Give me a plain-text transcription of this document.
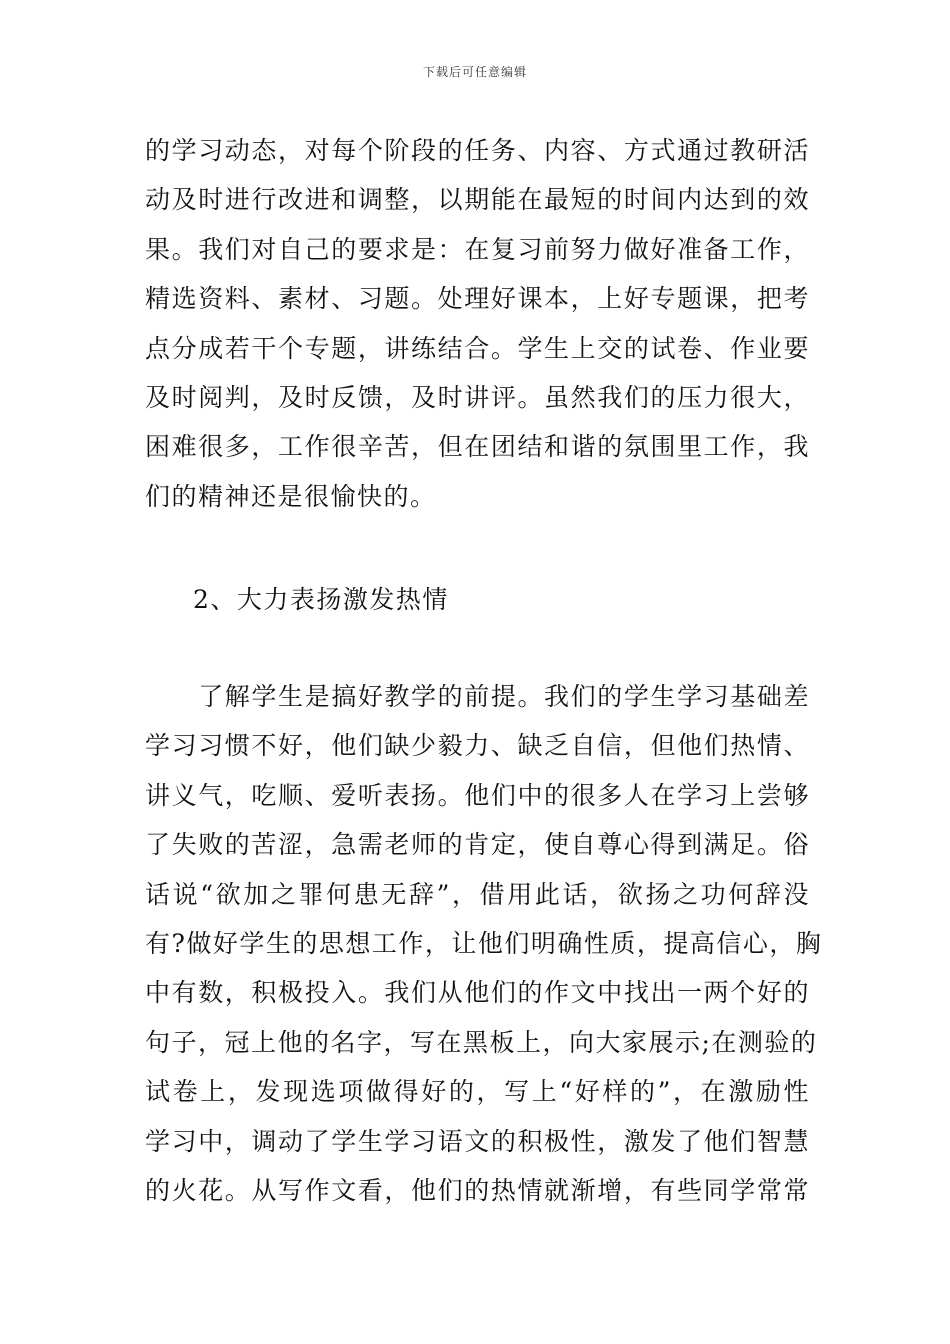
下载后可任意编辑
的学习动态，对每个阶段的任务、内容、方式通过教研活
动及时进行改进和调整，以期能在最短的时间内达到的效
果。我们对自己的要求是：在复习前努力做好准备工作，
精选资料、素材、习题。处理好课本，上好专题课，把考
点分成若干个专题，讲练结合。学生上交的试卷、作业要
及时阅判，及时反馈，及时讲评。虽然我们的压力很大，
困难很多，工作很辛苦，但在团结和谐的氛围里工作，我
们的精神还是很愉快的。
2、大力表扬激发热情
　　了解学生是搞好教学的前提。我们的学生学习基础差
学习习惯不好，他们缺少毅力、缺乏自信，但他们热情、
讲义气，吃顺、爱听表扬。他们中的很多人在学习上尝够
了失败的苦涩，急需老师的肯定，使自尊心得到满足。俗
话说“欲加之罪何患无辞”，借用此话，欲扬之功何辞没
有?做好学生的思想工作，让他们明确性质，提高信心，胸
中有数，积极投入。我们从他们的作文中找出一两个好的
句子，冠上他的名字，写在黑板上，向大家展示;在测验的
试卷上，发现选项做得好的，写上“好样的”，在激励性
学习中，调动了学生学习语文的积极性，激发了他们智慧
的火花。从写作文看，他们的热情就渐增，有些同学常常
